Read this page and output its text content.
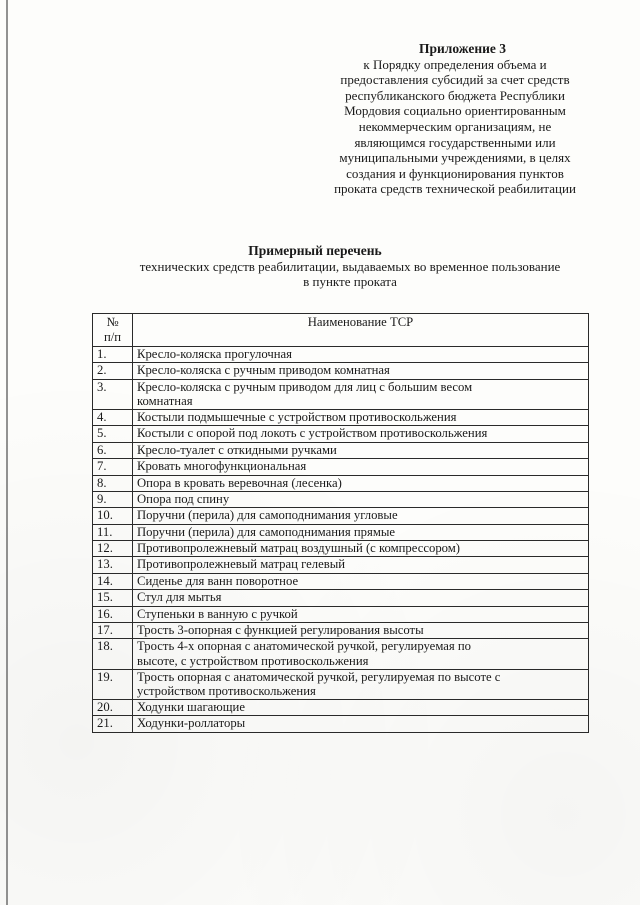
Приложение 3
к Порядку определения объема и
предоставления субсидий за счет средств
республиканского бюджета Республики
Мордовия социально ориентированным
некоммерческим организациям, не
являющимся государственными или
муниципальными учреждениями, в целях
создания и функционирования пунктов
проката средств технической реабилитации
Примерный перечень
технических средств реабилитации, выдаваемых во временное пользование
в пункте проката
№
п/п	Наименование ТСР
1.	Кресло-коляска прогулочная
2.	Кресло-коляска с ручным приводом комнатная
3.	Кресло-коляска с ручным приводом для лиц с большим весом
комнатная

4.	Костыли подмышечные с устройством противоскольжения
5.	Костыли с опорой под локоть с устройством противоскольжения
6.	Кресло-туалет с откидными ручками
7.	Кровать многофункциональная
8.	Опора в кровать веревочная (лесенка)
9.	Опора под спину
10.	Поручни (перила) для самоподнимания угловые
11.	Поручни (перила) для самоподнимания прямые
12.	Противопролежневый матрац воздушный (с компрессором)
13.	Противопролежневый матрац гелевый
14.	Сиденье для ванн поворотное
15.	Стул для мытья
16.	Ступеньки в ванную с ручкой
17.	Трость 3-опорная с функцией регулирования высоты
18.	Трость 4-х опорная с анатомической ручкой, регулируемая по
высоте, с устройством противоскольжения

19.	Трость опорная с анатомической ручкой, регулируемая по высоте с
устройством противоскольжения

20.	Ходунки шагающие
21.	Ходунки-роллаторы
